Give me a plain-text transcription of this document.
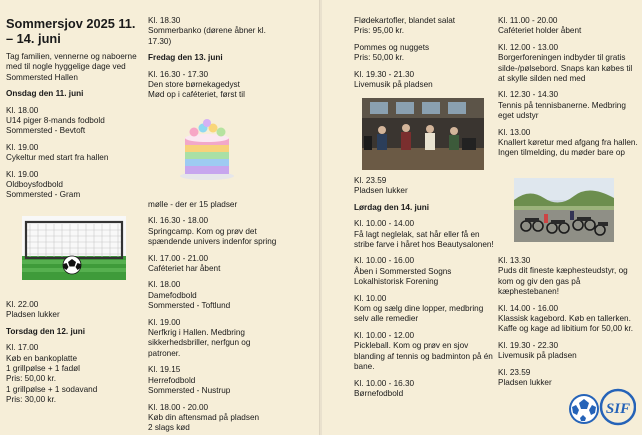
Sommersjov 2025 11. – 14. juni

Tag familien, vennerne og naboerne med til nogle hyggelige dage ved Sommersted Hallen

Onsdag den 11. juni

Kl. 18.00

U14 piger 8-mands fodbold

Sommersted - Bevtoft

Kl. 19.00

Cykeltur med start fra hallen

Kl. 19.00

Oldboysfodbold

Sommersted - Gram

Kl. 22.00

Pladsen lukker

Torsdag den 12. juni

Kl. 17.00

Køb en bankoplatte

1 grillpølse + 1 fadøl

Pris: 50,00 kr.

1 grillpølse + 1 sodavand

Pris: 30,00 kr.

Kl. 18.30

Sommerbanko (dørene åbner kl. 17.30)

Fredag den 13. juni

Kl. 16.30 - 17.30

Den store børnekagedyst

Mød op i caféteriet, først til

mølle - der er 15 pladser

Kl. 16.30 - 18.00

Springcamp. Kom og prøv det spændende univers indenfor spring

Kl. 17.00 - 21.00

Caféteriet har åbent

Kl. 18.00

Damefodbold

Sommersted - Toftlund

Kl. 19.00

Nerfkrig i Hallen. Medbring sikkerhedsbriller, nerfgun og patroner.

Kl. 19.15

Herrefodbold

Sommersted - Nustrup

Kl. 18.00 - 20.00

Køb din aftensmad på pladsen

2 slags kød

Flødekartofler, blandet salat

Pris: 95,00 kr.

Pommes og nuggets

Pris: 50,00 kr.

Kl. 19.30 - 21.30

Livemusik på pladsen

Kl. 23.59

Pladsen lukker

Lørdag den 14. juni

Kl. 10.00 - 14.00

Få lagt neglelak, sat hår eller få en stribe farve i håret hos Beautysalonen!

Kl. 10.00 - 16.00

Åben i Sommersted Sogns

Lokalhistorisk Forening

Kl. 10.00

Kom og sælg dine lopper, medbring selv alle remedier

Kl. 10.00 - 12.00

Pickleball. Kom og prøv en sjov blanding af tennis og badminton på én bane.

Kl. 10.00 - 16.30

Børnefodbold

Kl. 11.00 - 20.00

Caféteriet holder åbent

Kl. 12.00 - 13.00

Borgerforeningen indbyder til gratis silde-/pølsebord. Snaps kan købes til at skylle silden ned med

Kl. 12.30 - 14.30

Tennis på tennisbanerne. Medbring eget udstyr

Kl. 13.00

Knallert køretur med afgang fra hallen. Ingen tilmelding, du møder bare op

Kl. 13.30

Puds dit fineste kæphesteudstyr, og kom og giv den gas på kæphestebanen!

Kl. 14.00 - 16.00

Klassisk kagebord. Køb en tallerken. Kaffe og kage ad libitium for 50,00 kr.

Kl. 19.30 - 22.30

Livemusik på pladsen

Kl. 23.59

Pladsen lukker

SIF
